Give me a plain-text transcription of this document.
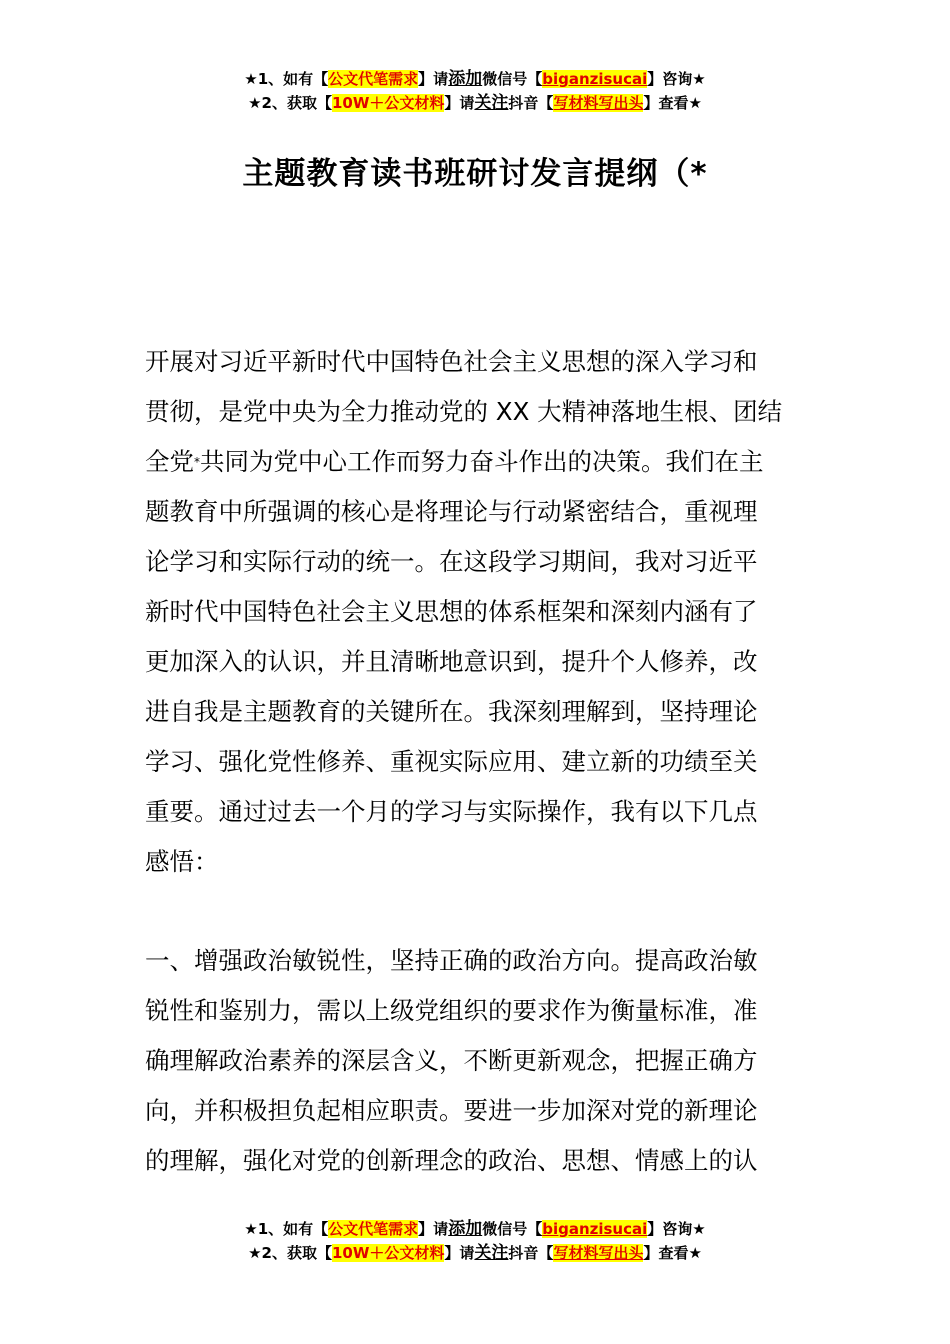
★1、如有【公文代笔需求】请添加微信号【biganzisucai】咨询★
★2、获取【10W＋公文材料】请关注抖音【写材料写出头】查看★
主题教育读书班研讨发言提纲（*

开展对习近平新时代中国特色社会主义思想的深入学习和
贯彻，是党中央为全力推动党的 XX 大精神落地生根、团结
全党*共同为党中心工作而努力奋斗作出的决策。我们在主
题教育中所强调的核心是将理论与行动紧密结合，重视理
论学习和实际行动的统一。在这段学习期间，我对习近平
新时代中国特色社会主义思想的体系框架和深刻内涵有了
更加深入的认识，并且清晰地意识到，提升个人修养，改
进自我是主题教育的关键所在。我深刻理解到，坚持理论
学习、强化党性修养、重视实际应用、建立新的功绩至关
重要。通过过去一个月的学习与实际操作，我有以下几点
感悟：

一、增强政治敏锐性，坚持正确的政治方向。提高政治敏
锐性和鉴别力，需以上级党组织的要求作为衡量标准，准
确理解政治素养的深层含义，不断更新观念，把握正确方
向，并积极担负起相应职责。要进一步加深对党的新理论
的理解，强化对党的创新理念的政治、思想、情感上的认

★1、如有【公文代笔需求】请添加微信号【biganzisucai】咨询★
★2、获取【10W＋公文材料】请关注抖音【写材料写出头】查看★
